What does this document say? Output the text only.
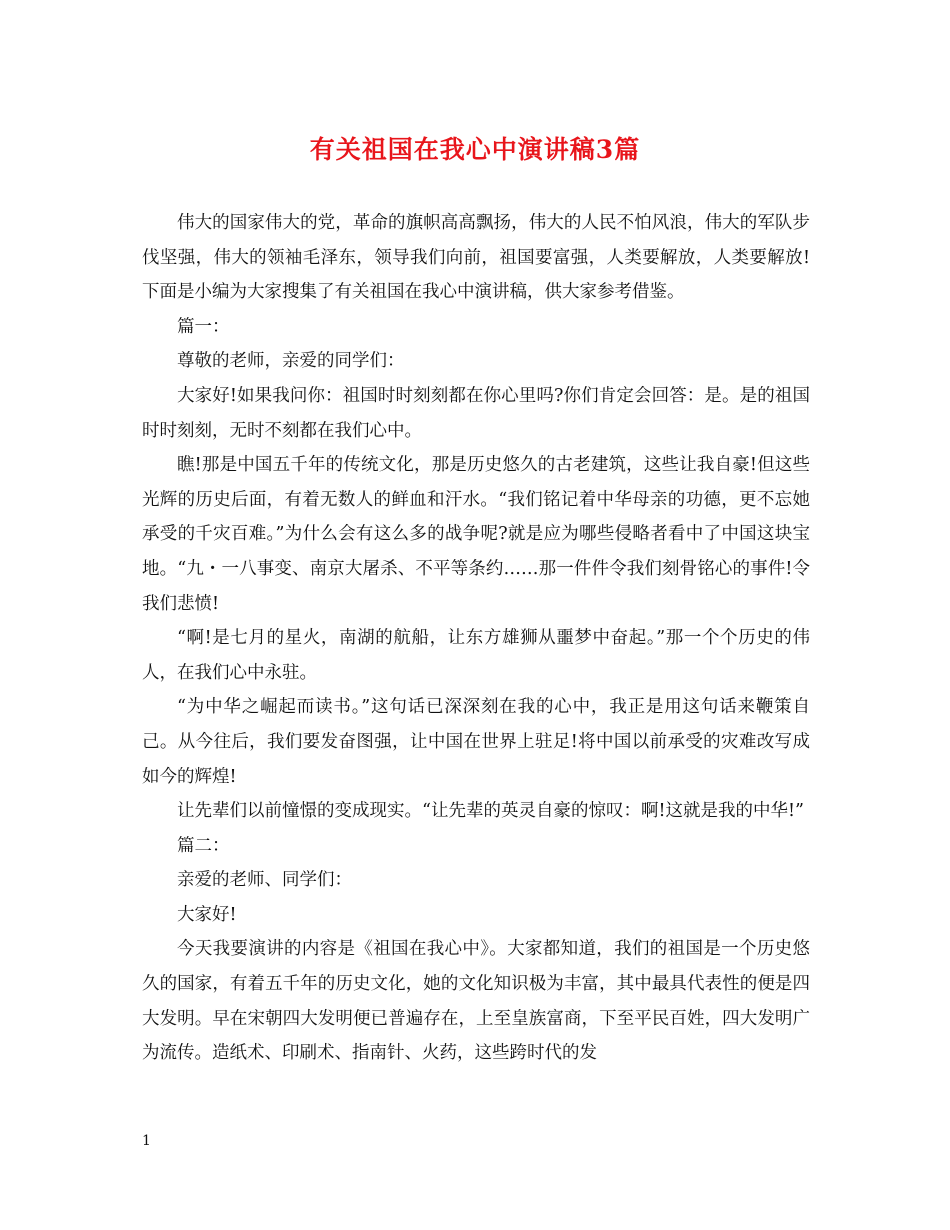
有关祖国在我心中演讲稿3篇

伟大的国家伟大的党，革命的旗帜高高飘扬，伟大的人民不怕风浪，伟大的军队步伐坚强，伟大的领袖毛泽东，领导我们向前，祖国要富强，人类要解放，人类要解放!下面是小编为大家搜集了有关祖国在我心中演讲稿，供大家参考借鉴。

篇一：

尊敬的老师，亲爱的同学们：

大家好!如果我问你：祖国时时刻刻都在你心里吗?你们肯定会回答：是。是的祖国时时刻刻，无时不刻都在我们心中。

瞧!那是中国五千年的传统文化，那是历史悠久的古老建筑，这些让我自豪!但这些光辉的历史后面，有着无数人的鲜血和汗水。“我们铭记着中华母亲的功德，更不忘她承受的千灾百难。”为什么会有这么多的战争呢?就是应为哪些侵略者看中了中国这块宝地。“九・一八事变、南京大屠杀、不平等条约……那一件件令我们刻骨铭心的事件!令我们悲愤!

“啊!是七月的星火，南湖的航船，让东方雄狮从噩梦中奋起。”那一个个历史的伟人，在我们心中永驻。

“为中华之崛起而读书。”这句话已深深刻在我的心中，我正是用这句话来鞭策自己。从今往后，我们要发奋图强，让中国在世界上驻足!将中国以前承受的灾难改写成如今的辉煌!

让先辈们以前憧憬的变成现实。“让先辈的英灵自豪的惊叹：啊!这就是我的中华!”

篇二：

亲爱的老师、同学们：

大家好!

今天我要演讲的内容是《祖国在我心中》。大家都知道，我们的祖国是一个历史悠久的国家，有着五千年的历史文化，她的文化知识极为丰富，其中最具代表性的便是四大发明。早在宋朝四大发明便已普遍存在，上至皇族富商，下至平民百姓，四大发明广为流传。造纸术、印刷术、指南针、火药，这些跨时代的发

1
